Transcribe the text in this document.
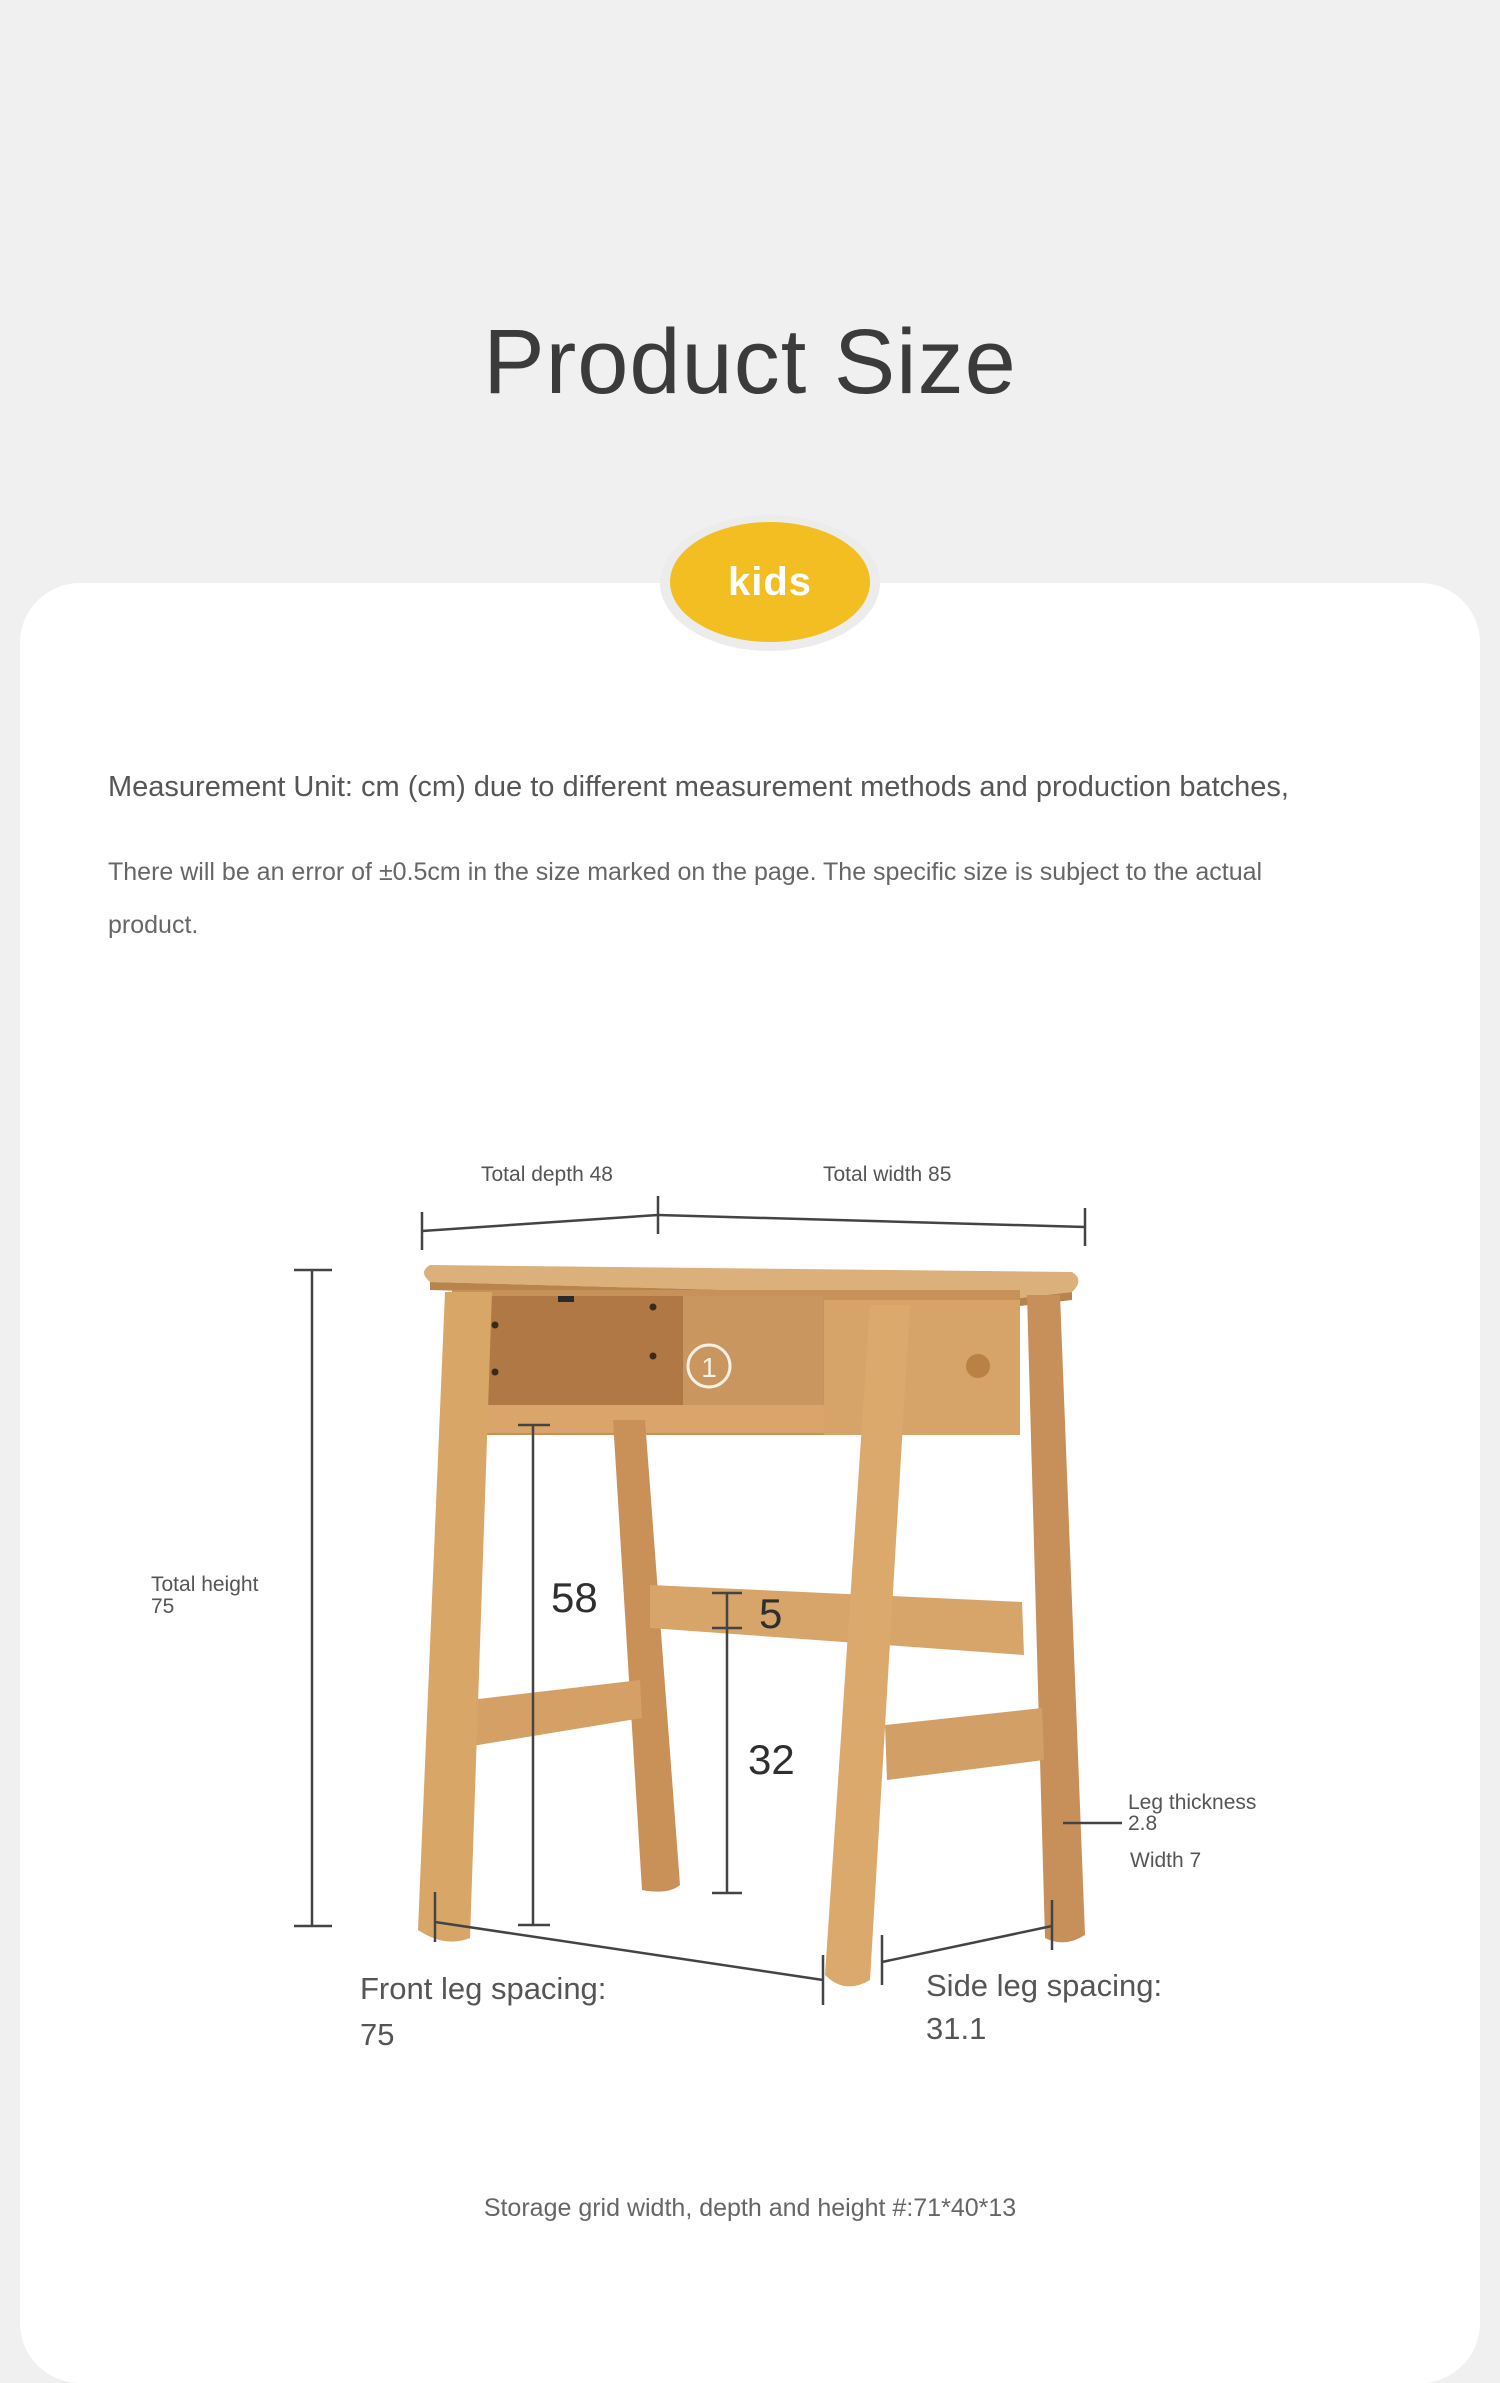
Product Size
kids
Measurement Unit: cm (cm) due to different measurement methods and production batches,
There will be an error of ±0.5cm in the size marked on the page. The specific size is subject to the actual product.
1
Total depth 48	Total width 85
Total height
75	58	5
32
Leg thickness
2.8
Width 7
Front leg spacing:
75
Side leg spacing:
31.1
Storage grid width, depth and height #:71*40*13
